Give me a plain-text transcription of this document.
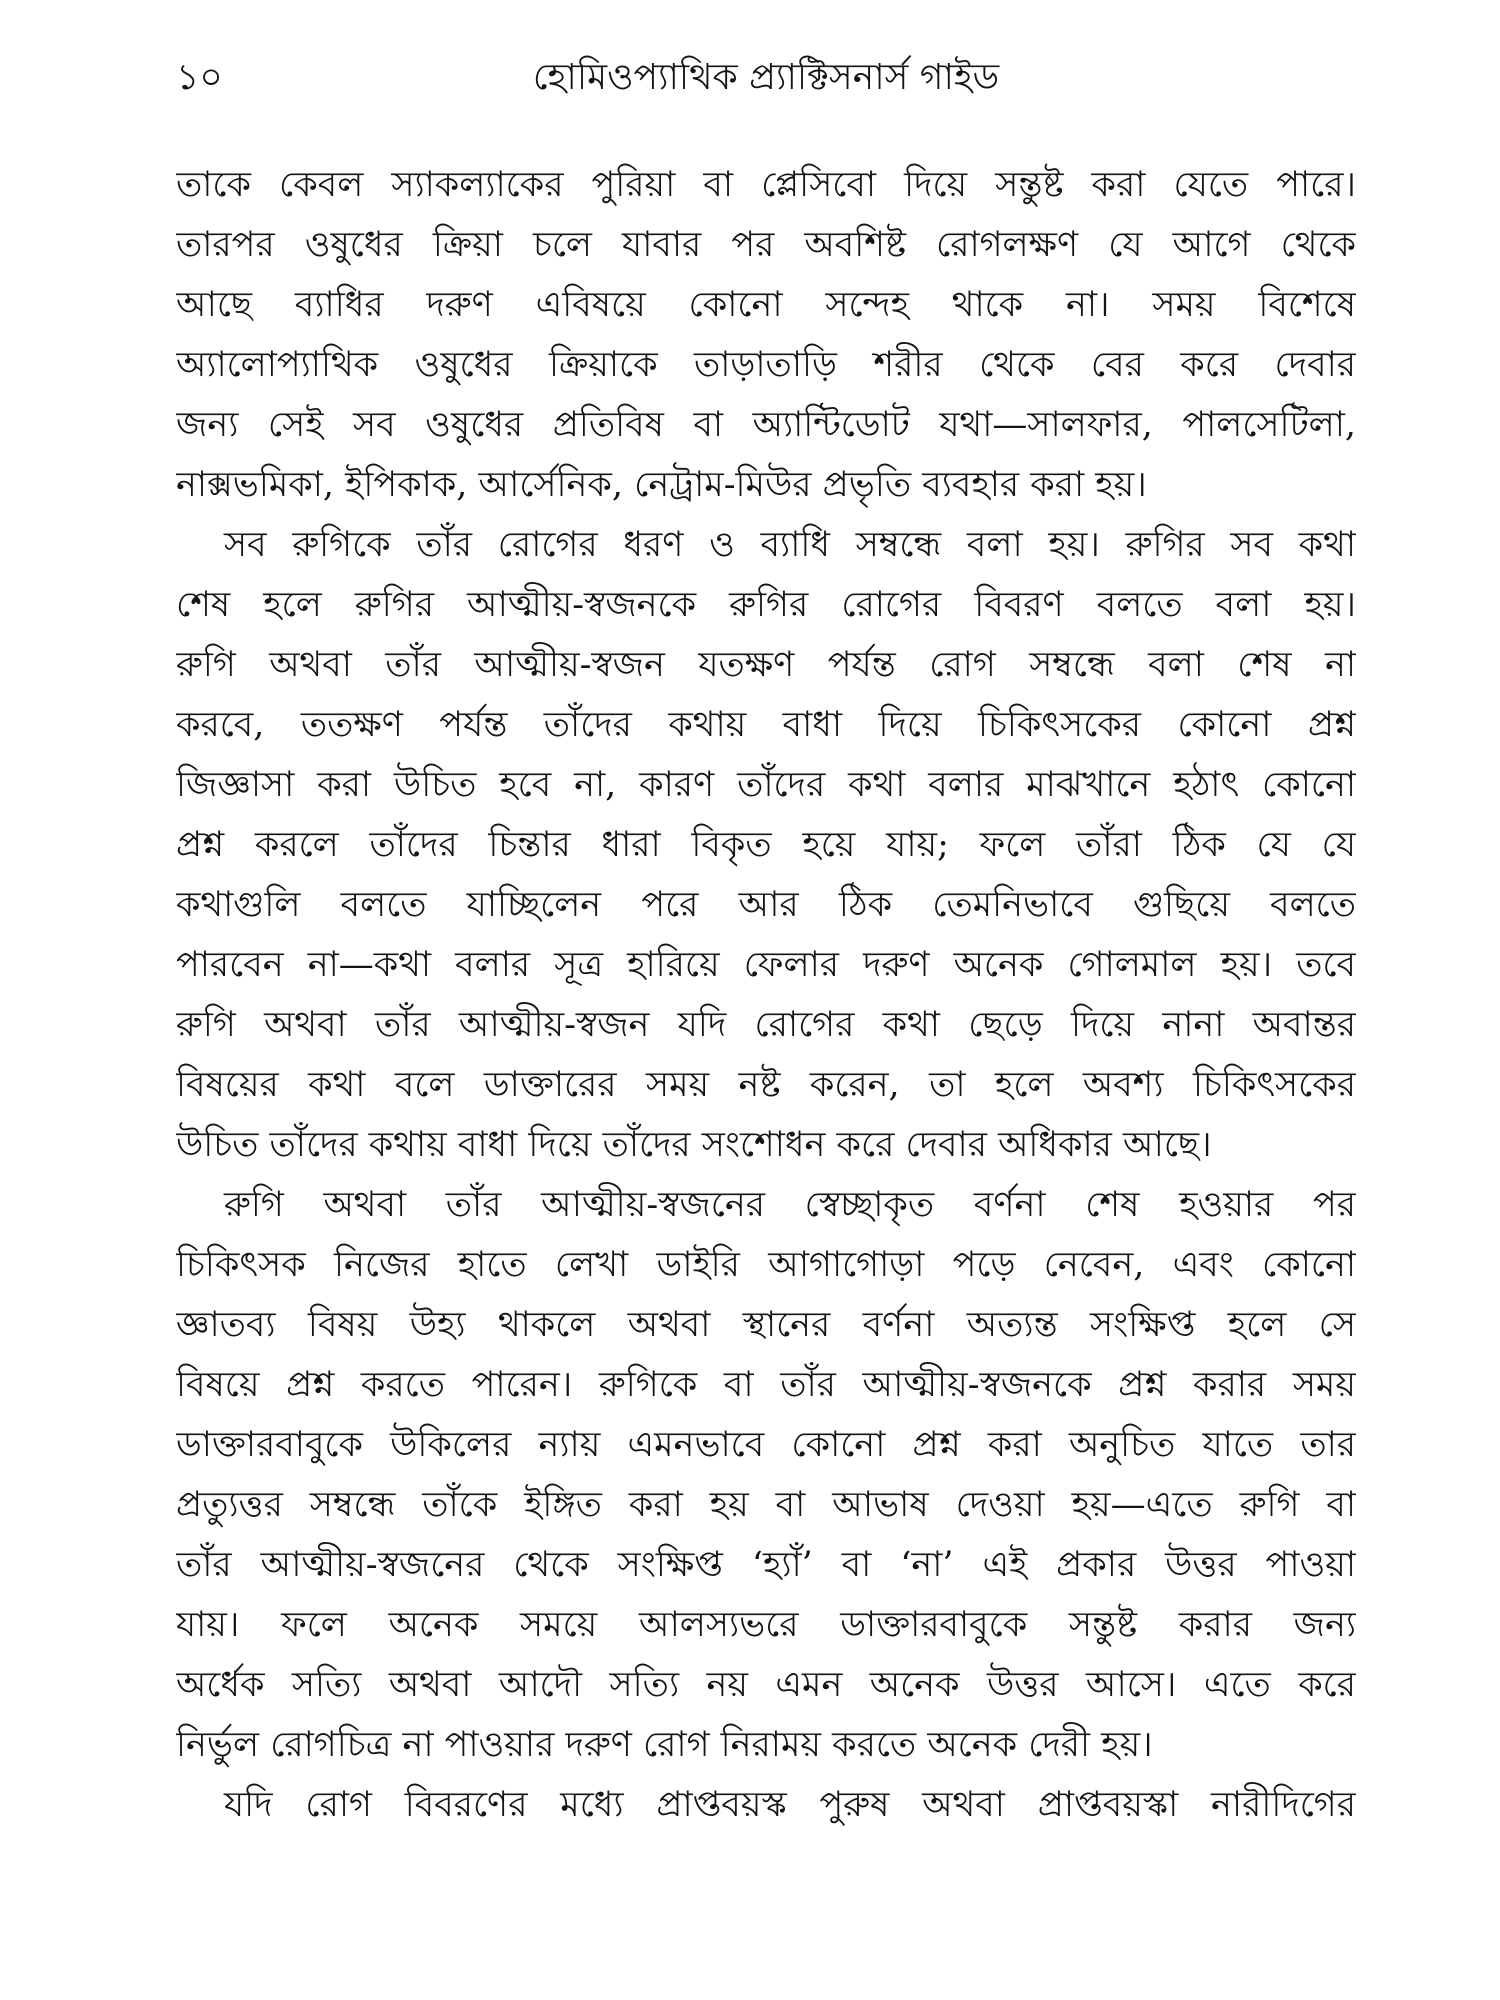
১০	হোমিওপ্যাথিক প্র্যাক্টিসনার্স গাইড
তাকে কেবল স্যাকল্যাকের পুরিয়া বা প্লেসিবো দিয়ে সন্তুষ্ট করা যেতে পারে।
তারপর ওষুধের ক্রিয়া চলে যাবার পর অবশিষ্ট রোগলক্ষণ যে আগে থেকে
আছে ব্যাধির দরুণ এবিষয়ে কোনো সন্দেহ থাকে না। সময় বিশেষে
অ্যালোপ্যাথিক ওষুধের ক্রিয়াকে তাড়াতাড়ি শরীর থেকে বের করে দেবার
জন্য সেই সব ওষুধের প্রতিবিষ বা অ্যান্টিডোট যথা—সালফার, পালসেটিলা,
নাক্সভমিকা, ইপিকাক, আর্সেনিক, নেট্রাম-মিউর প্রভৃতি ব্যবহার করা হয়।
সব রুগিকে তাঁর রোগের ধরণ ও ব্যাধি সম্বন্ধে বলা হয়। রুগির সব কথা
শেষ হলে রুগির আত্মীয়-স্বজনকে রুগির রোগের বিবরণ বলতে বলা হয়।
রুগি অথবা তাঁর আত্মীয়-স্বজন যতক্ষণ পর্যন্ত রোগ সম্বন্ধে বলা শেষ না
করবে, ততক্ষণ পর্যন্ত তাঁদের কথায় বাধা দিয়ে চিকিৎসকের কোনো প্রশ্ন
জিজ্ঞাসা করা উচিত হবে না, কারণ তাঁদের কথা বলার মাঝখানে হঠাৎ কোনো
প্রশ্ন করলে তাঁদের চিন্তার ধারা বিকৃত হয়ে যায়; ফলে তাঁরা ঠিক যে যে
কথাগুলি বলতে যাচ্ছিলেন পরে আর ঠিক তেমনিভাবে গুছিয়ে বলতে
পারবেন না—কথা বলার সূত্র হারিয়ে ফেলার দরুণ অনেক গোলমাল হয়। তবে
রুগি অথবা তাঁর আত্মীয়-স্বজন যদি রোগের কথা ছেড়ে দিয়ে নানা অবান্তর
বিষয়ের কথা বলে ডাক্তারের সময় নষ্ট করেন, তা হলে অবশ্য চিকিৎসকের
উচিত তাঁদের কথায় বাধা দিয়ে তাঁদের সংশোধন করে দেবার অধিকার আছে।
রুগি অথবা তাঁর আত্মীয়-স্বজনের স্বেচ্ছাকৃত বর্ণনা শেষ হওয়ার পর
চিকিৎসক নিজের হাতে লেখা ডাইরি আগাগোড়া পড়ে নেবেন, এবং কোনো
জ্ঞাতব্য বিষয় উহ্য থাকলে অথবা স্থানের বর্ণনা অত্যন্ত সংক্ষিপ্ত হলে সে
বিষয়ে প্রশ্ন করতে পারেন। রুগিকে বা তাঁর আত্মীয়-স্বজনকে প্রশ্ন করার সময়
ডাক্তারবাবুকে উকিলের ন্যায় এমনভাবে কোনো প্রশ্ন করা অনুচিত যাতে তার
প্রত্যুত্তর সম্বন্ধে তাঁকে ইঙ্গিত করা হয় বা আভাষ দেওয়া হয়—এতে রুগি বা
তাঁর আত্মীয়-স্বজনের থেকে সংক্ষিপ্ত ‘হ্যাঁ’ বা ‘না’ এই প্রকার উত্তর পাওয়া
যায়। ফলে অনেক সময়ে আলস্যভরে ডাক্তারবাবুকে সন্তুষ্ট করার জন্য
অর্ধেক সত্যি অথবা আদৌ সত্যি নয় এমন অনেক উত্তর আসে। এতে করে
নির্ভুল রোগচিত্র না পাওয়ার দরুণ রোগ নিরাময় করতে অনেক দেরী হয়।
যদি রোগ বিবরণের মধ্যে প্রাপ্তবয়স্ক পুরুষ অথবা প্রাপ্তবয়স্কা নারীদিগের
